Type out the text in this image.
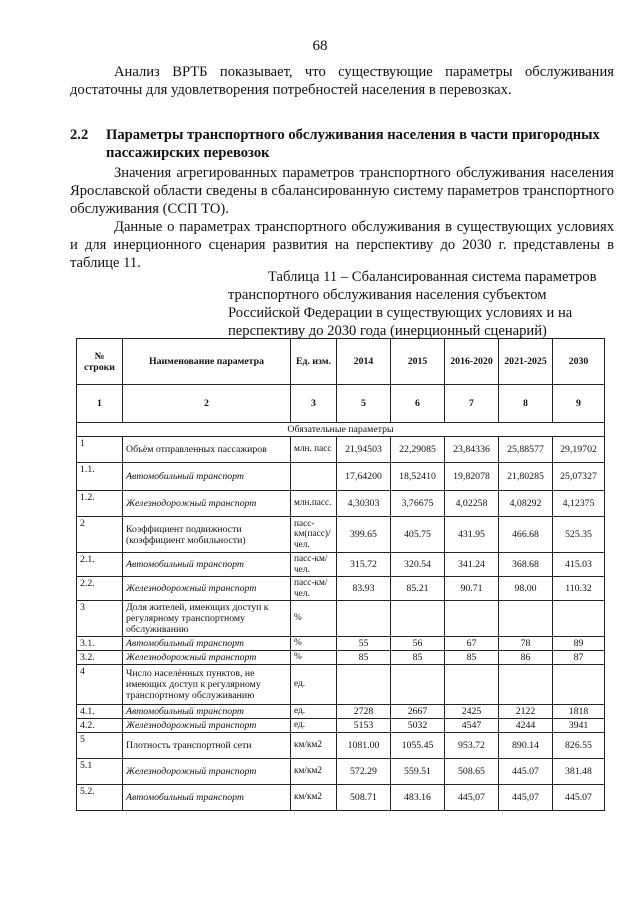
68
Анализ ВРТБ показывает, что существующие параметры обслуживания достаточны для удовлетворения потребностей населения в перевозках.
2.2 Параметры транспортного обслуживания населения в части пригородных
пассажирских перевозок
Значения агрегированных параметров транспортного обслуживания населения Ярославской области сведены в сбалансированную систему параметров транспортного обслуживания (ССП ТО).
Данные о параметрах транспортного обслуживания в существующих условиях и для инерционного сценария развития на перспективу до 2030 г. представлены в таблице 11.
Таблица 11 – Сбалансированная система параметров
транспортного обслуживания населения субъектом
Российской Федерации в существующих условиях и на
перспективу до 2030 года (инерционный сценарий)
№ строки	Наименование параметра	Ед. изм.	2014	2015	2016-2020	2021-2025	2030
1	2	3	5	6	7	8	9
Обязательные параметры							
1	Объём отправленных пассажиров	млн. пасс	21,94503	22,29085	23,84336	25,88577	29,19702
1.1.	Автомобильный транспорт		17,64200	18,52410	19,82078	21,80285	25,07327
1.2.	Железнодорожный транспорт	млн.пасс.	4,30303	3,76675	4,02258	4,08292	4,12375
2	Коэффициент подвижности (коэффициент мобильности)	пасс-км(пасс)/чел.	399.65	405.75	431.95	466.68	525.35
2.1.	Автомобильный транспорт	пасс-км/чел.	315.72	320.54	341.24	368.68	415.03
2.2.	Железнодорожный транспорт	пасс-км/чел.	83.93	85.21	90.71	98.00	110.32
3	Доля жителей, имеющих доступ к регулярному транспортному обслуживанию	%					
3.1.	Автомобильный транспорт	%	55	56	67	78	89
3.2.	Железнодорожный транспорт	%	85	85	85	86	87
4	Число населённых пунктов, не имеющих доступ к регулярному транспортному обслуживанию	ед.					
4.1.	Автомобильный транспорт	ед.	2728	2667	2425	2122	1818
4.2.	Железнодорожный транспорт	ед.	5153	5032	4547	4244	3941
5	Плотность транспортной сети	км/км2	1081.00	1055.45	953.72	890.14	826.55
5.1	Железнодорожный транспорт	км/км2	572.29	559.51	508.65	445.07	381.48
5.2.	Автомобильный транспорт	км/км2	508.71	483.16	445,07	445,07	445.07
